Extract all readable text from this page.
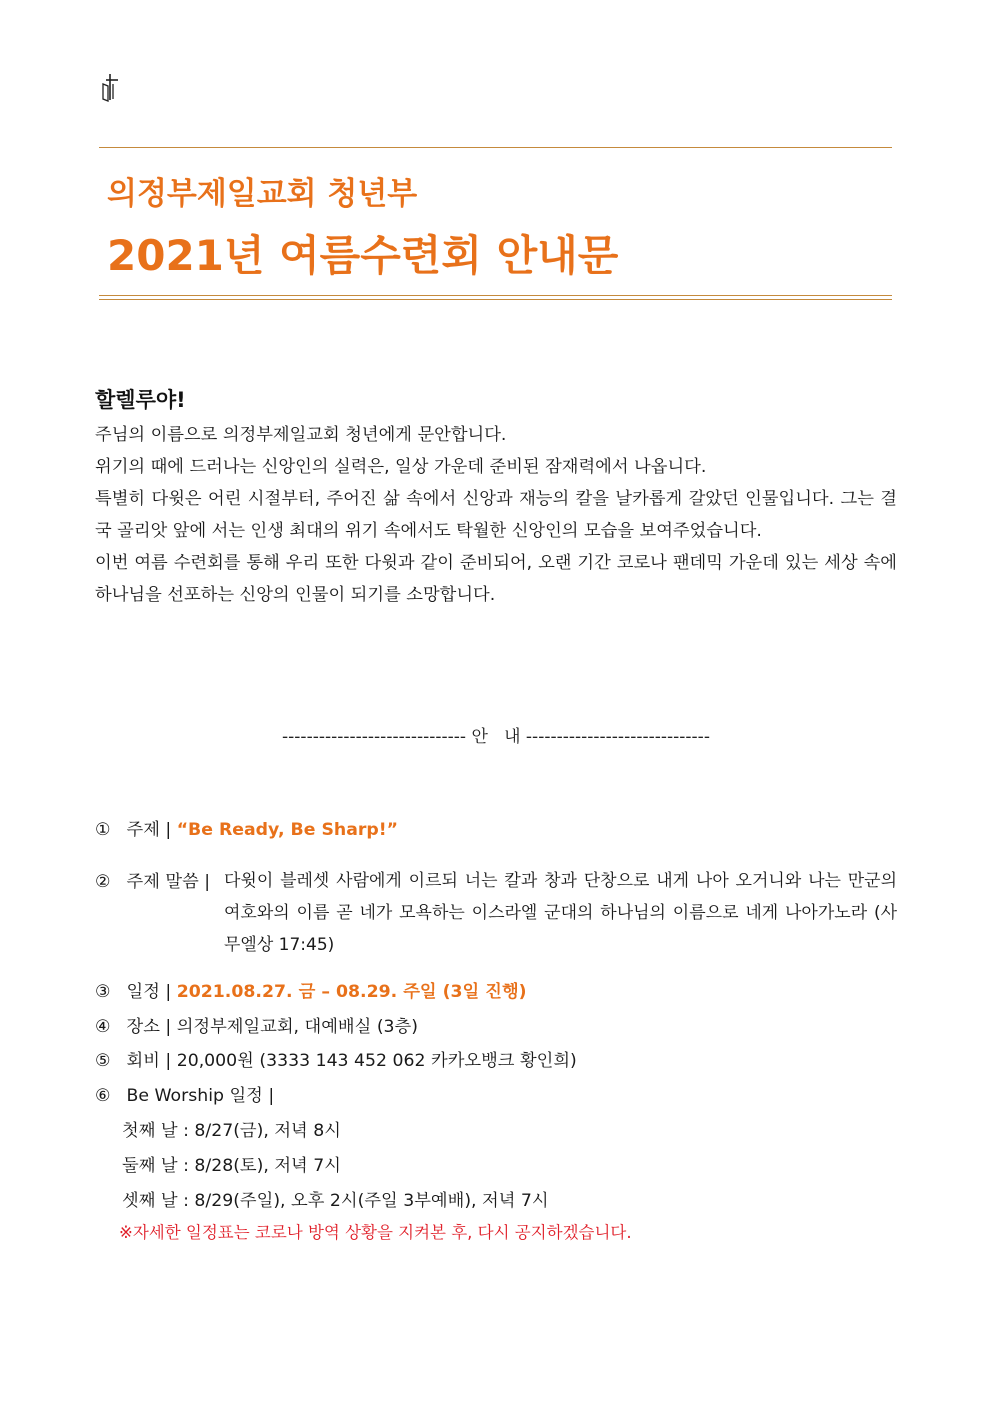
의정부제일교회 청년부
2021년 여름수련회 안내문
할렐루야!

주님의 이름으로 의정부제일교회 청년에게 문안합니다.

위기의 때에 드러나는 신앙인의 실력은, 일상 가운데 준비된 잠재력에서 나옵니다.

특별히 다윗은 어린 시절부터, 주어진 삶 속에서 신앙과 재능의 칼을 날카롭게 갈았던 인물입니다. 그는 결국 골리앗 앞에 서는 인생 최대의 위기 속에서도 탁월한 신앙인의 모습을 보여주었습니다.

이번 여름 수련회를 통해 우리 또한 다윗과 같이 준비되어, 오랜 기간 코로나 팬데믹 가운데 있는 세상 속에 하나님을 선포하는 신앙의 인물이 되기를 소망합니다.

------------------------------ 안   내 ------------------------------
① 주제 | “Be Ready, Be Sharp!”
② 주제 말씀 | 다윗이 블레셋 사람에게 이르되 너는 칼과 창과 단창으로 내게 나아 오거니와 나는 만군의 여호와의 이름 곧 네가 모욕하는 이스라엘 군대의 하나님의 이름으로 네게 나아가노라 (사무엘상 17:45)
③ 일정 | 2021.08.27. 금 – 08.29. 주일 (3일 진행)
④ 장소 | 의정부제일교회, 대예배실 (3층)
⑤ 회비 | 20,000원 (3333 143 452 062 카카오뱅크 황인희)
⑥ Be Worship 일정 |
첫째 날 : 8/27(금), 저녁 8시
둘째 날 : 8/28(토), 저녁 7시
셋째 날 : 8/29(주일), 오후 2시(주일 3부예배), 저녁 7시
※자세한 일정표는 코로나 방역 상황을 지켜본 후, 다시 공지하겠습니다.
